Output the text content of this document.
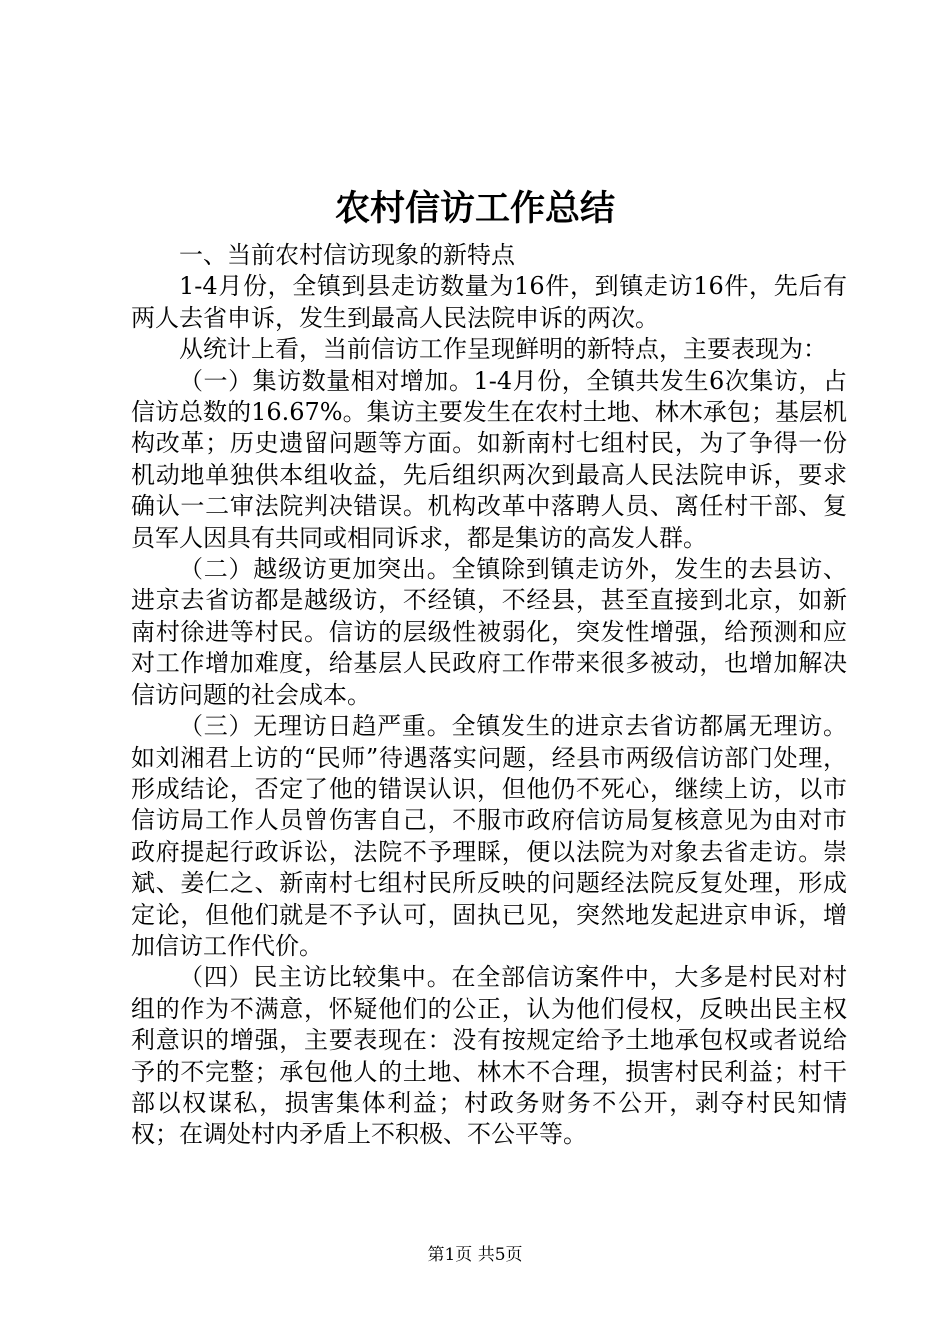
农村信访工作总结

一、当前农村信访现象的新特点

1-4月份，全镇到县走访数量为16件，到镇走访16件，先后有两人去省申诉，发生到最高人民法院申诉的两次。

从统计上看，当前信访工作呈现鲜明的新特点，主要表现为：

（一）集访数量相对增加。1-4月份，全镇共发生6次集访，占信访总数的16.67%。集访主要发生在农村土地、林木承包；基层机构改革；历史遗留问题等方面。如新南村七组村民，为了争得一份机动地单独供本组收益，先后组织两次到最高人民法院申诉，要求确认一二审法院判决错误。机构改革中落聘人员、离任村干部、复员军人因具有共同或相同诉求，都是集访的高发人群。

（二）越级访更加突出。全镇除到镇走访外，发生的去县访、进京去省访都是越级访，不经镇，不经县，甚至直接到北京，如新南村徐进等村民。信访的层级性被弱化，突发性增强，给预测和应对工作增加难度，给基层人民政府工作带来很多被动，也增加解决信访问题的社会成本。

（三）无理访日趋严重。全镇发生的进京去省访都属无理访。如刘湘君上访的“民师”待遇落实问题，经县市两级信访部门处理，形成结论，否定了他的错误认识，但他仍不死心，继续上访，以市信访局工作人员曾伤害自己，不服市政府信访局复核意见为由对市政府提起行政诉讼，法院不予理睬，便以法院为对象去省走访。崇斌、姜仁之、新南村七组村民所反映的问题经法院反复处理，形成定论，但他们就是不予认可，固执已见，突然地发起进京申诉，增加信访工作代价。

（四）民主访比较集中。在全部信访案件中，大多是村民对村组的作为不满意，怀疑他们的公正，认为他们侵权，反映出民主权利意识的增强，主要表现在：没有按规定给予土地承包权或者说给予的不完整；承包他人的土地、林木不合理，损害村民利益；村干部以权谋私，损害集体利益；村政务财务不公开，剥夺村民知情权；在调处村内矛盾上不积极、不公平等。

第1页 共5页
